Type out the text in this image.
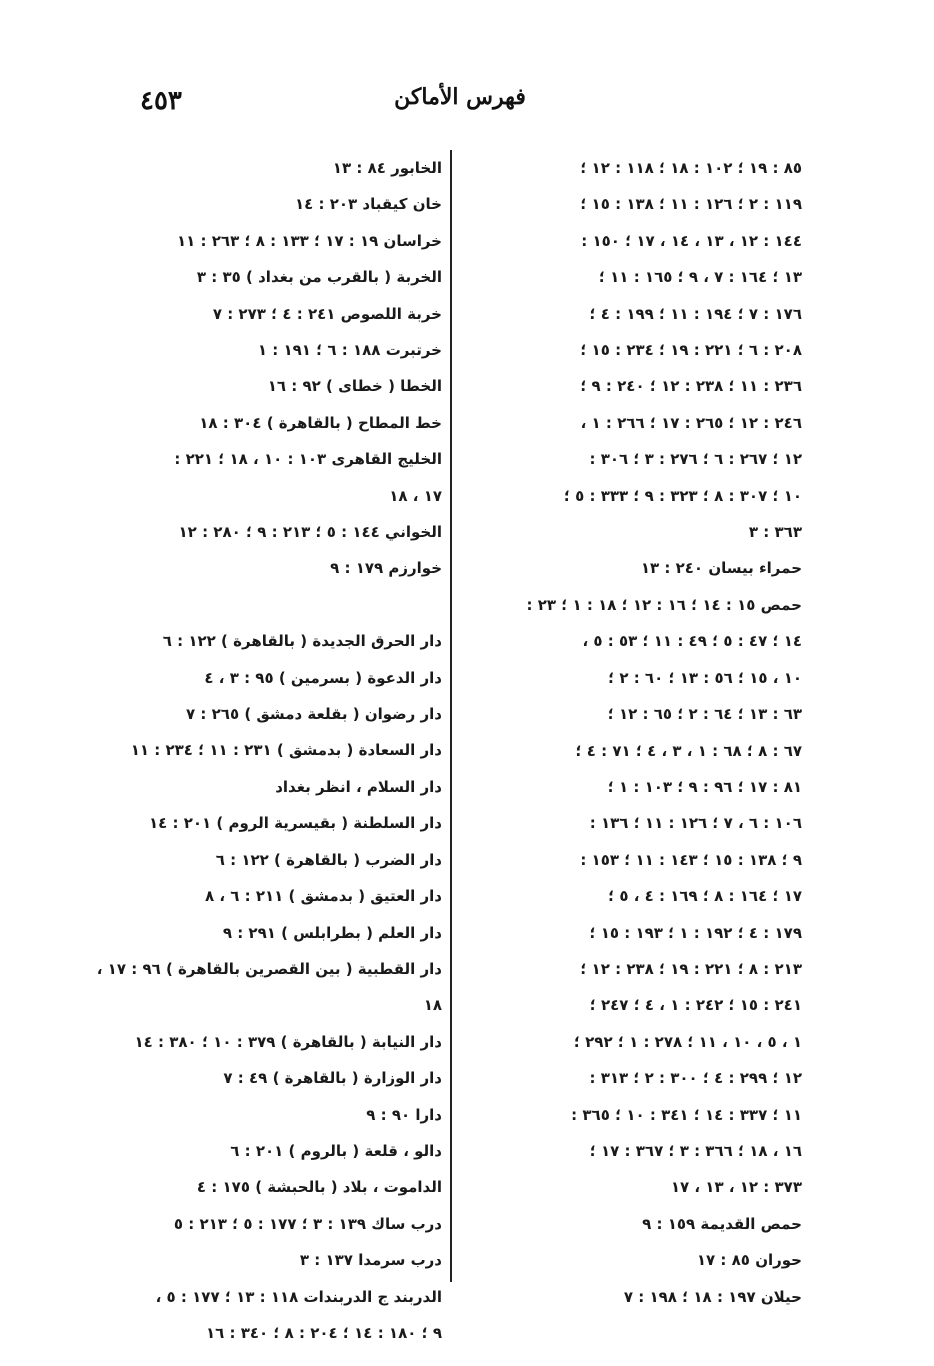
فهرس الأماكن
٤٥٣
٨٥ : ١٩ ؛ ١٠٢ : ١٨ ؛ ١١٨ : ١٢ ؛
١١٩ : ٢ ؛ ١٢٦ : ١١ ؛ ١٣٨ : ١٥ ؛
١٤٤ : ١٢ ، ١٣ ، ١٤ ، ١٧ ؛ ١٥٠ :
١٣ ؛ ١٦٤ : ٧ ، ٩ ؛ ١٦٥ : ١١ ؛
١٧٦ : ٧ ؛ ١٩٤ : ١١ ؛ ١٩٩ : ٤ ؛
٢٠٨ : ٦ ؛ ٢٢١ : ١٩ ؛ ٢٣٤ : ١٥ ؛
٢٣٦ : ١١ ؛ ٢٣٨ : ١٢ ؛ ٢٤٠ : ٩ ؛
٢٤٦ : ١٢ ؛ ٢٦٥ : ١٧ ؛ ٢٦٦ : ١ ،
١٢ ؛ ٢٦٧ : ٦ ؛ ٢٧٦ : ٣ ؛ ٣٠٦ :
١٠ ؛ ٣٠٧ : ٨ ؛ ٣٢٣ : ٩ ؛ ٣٣٣ : ٥ ؛
٣٦٣ : ٣
حمراء بيسان ٢٤٠ : ١٣
حمص ١٥ : ١٤ ؛ ١٦ : ١٢ ؛ ١٨ : ١ ؛ ٢٣ :
١٤ ؛ ٤٧ : ٥ ؛ ٤٩ : ١١ ؛ ٥٣ : ٥ ،
١٠ ، ١٥ ؛ ٥٦ : ١٣ ؛ ٦٠ : ٢ ؛
٦٣ : ١٣ ؛ ٦٤ : ٢ ؛ ٦٥ : ١٢ ؛
٦٧ : ٨ ؛ ٦٨ : ١ ، ٣ ، ٤ ؛ ٧١ : ٤ ؛
٨١ : ١٧ ؛ ٩٦ : ٩ ؛ ١٠٣ : ١ ؛
١٠٦ : ٦ ، ٧ ؛ ١٢٦ : ١١ ؛ ١٣٦ :
٩ ؛ ١٣٨ : ١٥ ؛ ١٤٣ : ١١ ؛ ١٥٣ :
١٧ ؛ ١٦٤ : ٨ ؛ ١٦٩ : ٤ ، ٥ ؛
١٧٩ : ٤ ؛ ١٩٢ : ١ ؛ ١٩٣ : ١٥ ؛
٢١٣ : ٨ ؛ ٢٢١ : ١٩ ؛ ٢٣٨ : ١٢ ؛
٢٤١ : ١٥ ؛ ٢٤٢ : ١ ، ٤ ؛ ٢٤٧ ؛
١ ، ٥ ، ١٠ ، ١١ ؛ ٢٧٨ : ١ ؛ ٢٩٢ ؛
١٢ ؛ ٢٩٩ : ٤ ؛ ٣٠٠ : ٢ ؛ ٣١٣ :
١١ ؛ ٣٣٧ : ١٤ ؛ ٣٤١ : ١٠ ؛ ٣٦٥ :
١٦ ، ١٨ ؛ ٣٦٦ : ٣ ؛ ٣٦٧ : ١٧ ؛
٣٧٣ : ١٢ ، ١٣ ، ١٧
حمص القديمة ١٥٩ : ٩
حوران ٨٥ : ١٧
حيلان ١٩٧ : ١٨ ؛ ١٩٨ : ٧
الخابور ٨٤ : ١٣
خان كيقباد ٢٠٣ : ١٤
خراسان ١٩ : ١٧ ؛ ١٣٣ : ٨ ؛ ٢٦٣ : ١١
الخربة ( بالقرب من بغداد ) ٣٥ : ٣
خربة اللصوص ٢٤١ : ٤ ؛ ٢٧٣ : ٧
خرتبرت ١٨٨ : ٦ ؛ ١٩١ : ١
الخطا ( خطاى ) ٩٢ : ١٦
خط المطاح ( بالقاهرة ) ٣٠٤ : ١٨
الخليج القاهرى ١٠٣ : ١٠ ، ١٨ ؛ ٢٢١ :
١٧ ، ١٨
الخواني ١٤٤ : ٥ ؛ ٢١٣ : ٩ ؛ ٢٨٠ : ١٢
خوارزم ١٧٩ : ٩
دار الحرق الجديدة ( بالقاهرة ) ١٢٢ : ٦
دار الدعوة ( بسرمين ) ٩٥ : ٣ ، ٤
دار رضوان ( بقلعة دمشق ) ٢٦٥ : ٧
دار السعادة ( بدمشق ) ٢٣١ : ١١ ؛ ٢٣٤ : ١١
دار السلام ، انظر بغداد
دار السلطنة ( بقيسرية الروم ) ٢٠١ : ١٤
دار الضرب ( بالقاهرة ) ١٢٢ : ٦
دار العتيق ( بدمشق ) ٢١١ : ٦ ، ٨
دار العلم ( بطرابلس ) ٢٩١ : ٩
دار القطبية ( بين القصرين بالقاهرة ) ٩٦ : ١٧ ،
١٨
دار النيابة ( بالقاهرة ) ٣٧٩ : ١٠ ؛ ٣٨٠ : ١٤
دار الوزارة ( بالقاهرة ) ٤٩ : ٧
دارا ٩٠ : ٩
دالو ، قلعة ( بالروم ) ٢٠١ : ٦
الداموت ، بلاد ( بالحبشة ) ١٧٥ : ٤
درب ساك ١٣٩ : ٣ ؛ ١٧٧ : ٥ ؛ ٢١٣ : ٥
درب سرمدا ١٣٧ : ٣
الدربند ج الدربندات ١١٨ : ١٣ ؛ ١٧٧ : ٥ ،
٩ ؛ ١٨٠ : ١٤ ؛ ٢٠٤ : ٨ ؛ ٣٤٠ : ١٦
